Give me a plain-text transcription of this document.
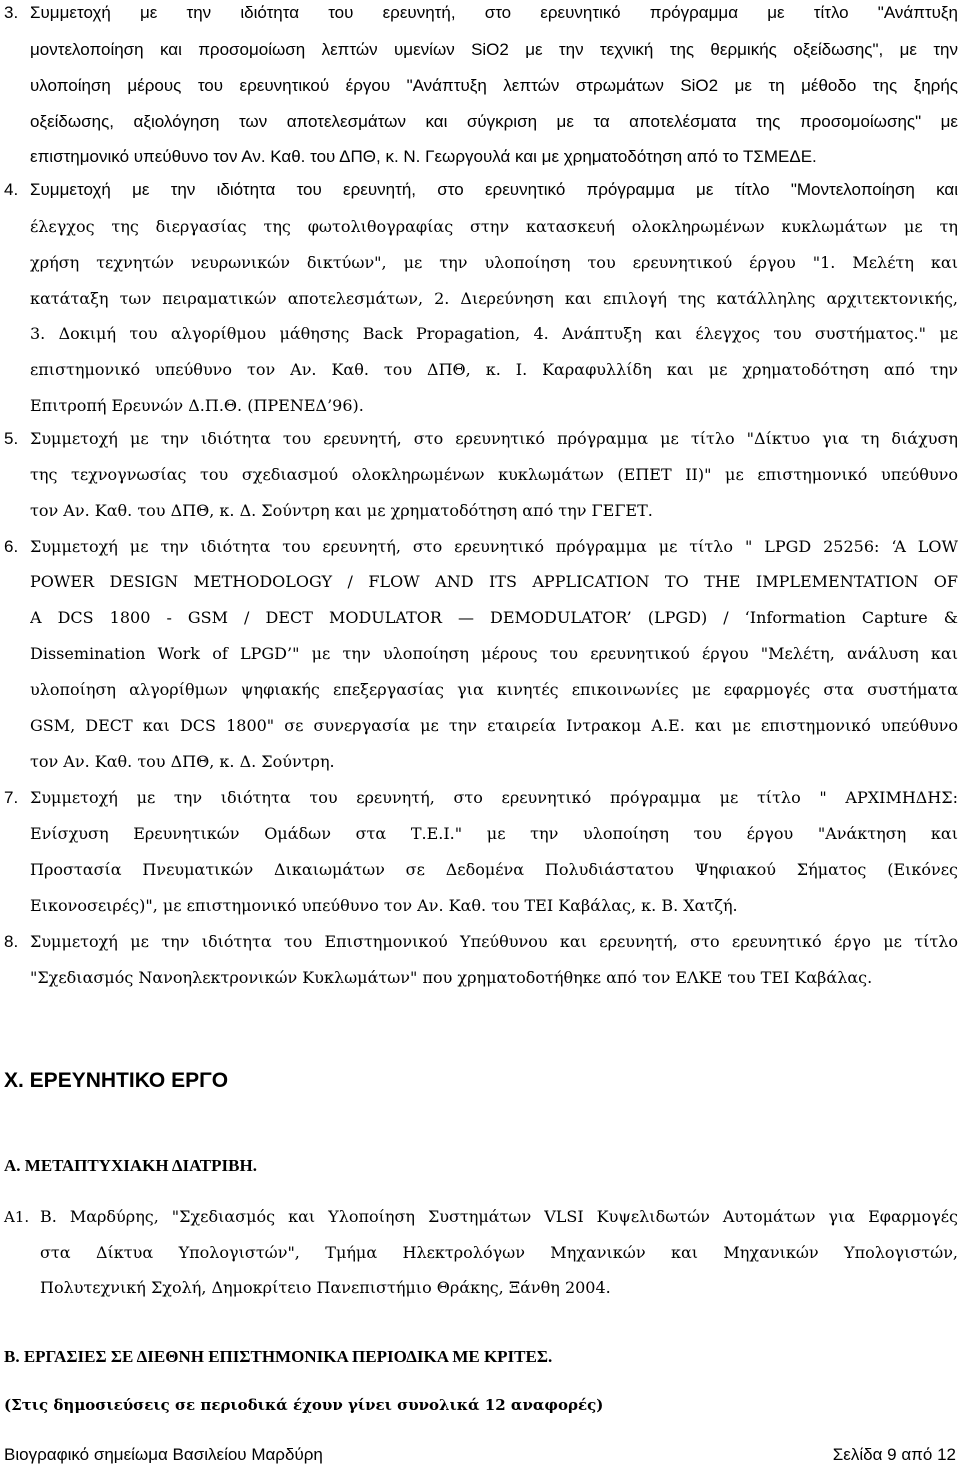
3. Συμμετοχή με την ιδιότητα του ερευνητή, στο ερευνητικό πρόγραμμα με τίτλο "Ανάπτυξη
μοντελοποίηση και προσομοίωση λεπτών υμενίων SiO2 με την τεχνική της θερμικής οξείδωσης", με την
υλοποίηση μέρους του ερευνητικού έργου "Ανάπτυξη λεπτών στρωμάτων SiO2 με τη μέθοδο της ξηρής
οξείδωσης, αξιολόγηση των αποτελεσμάτων και σύγκριση με τα αποτελέσματα της προσομοίωσης" με
επιστημονικό υπεύθυνο τον Αν. Καθ. του ΔΠΘ, κ. Ν. Γεωργουλά και με χρηματοδότηση από το ΤΣΜΕΔΕ.
4. Συμμετοχή με την ιδιότητα του ερευνητή, στο ερευνητικό πρόγραμμα με τίτλο "Μοντελοποίηση και
έλεγχος της διεργασίας της φωτολιθογραφίας στην κατασκευή ολοκληρωμένων κυκλωμάτων με τη
χρήση τεχνητών νευρωνικών δικτύων", με την υλοποίηση του ερευνητικού έργου "1. Μελέτη και
κατάταξη των πειραματικών αποτελεσμάτων, 2. Διερεύνηση και επιλογή της κατάλληλης αρχιτεκτονικής,
3. Δοκιμή του αλγορίθμου μάθησης Back Propagation, 4. Ανάπτυξη και έλεγχος του συστήματος." με
επιστημονικό υπεύθυνο τον Αν. Καθ. του ΔΠΘ, κ. Ι. Καραφυλλίδη και με χρηματοδότηση από την
Επιτροπή Ερευνών Δ.Π.Θ. (ΠΡΕΝΕΔ’96).
5. Συμμετοχή με την ιδιότητα του ερευνητή, στο ερευνητικό πρόγραμμα με τίτλο "Δίκτυο για τη διάχυση
της τεχνογνωσίας του σχεδιασμού ολοκληρωμένων κυκλωμάτων (ΕΠΕΤ ΙΙ)" με επιστημονικό υπεύθυνο
τον Αν. Καθ. του ΔΠΘ, κ. Δ. Σούντρη και με χρηματοδότηση από την ΓΕΓΕΤ.
6. Συμμετοχή με την ιδιότητα του ερευνητή, στο ερευνητικό πρόγραμμα με τίτλο " LPGD 25256: ‘A LOW
POWER DESIGN METHODOLOGY / FLOW AND ITS APPLICATION TO THE IMPLEMENTATION OF
A DCS 1800 - GSM / DECT MODULATOR — DEMODULATOR’ (LPGD) / ‘Information Capture &
Dissemination Work of LPGD’" με την υλοποίηση μέρους του ερευνητικού έργου "Μελέτη, ανάλυση και
υλοποίηση αλγορίθμων ψηφιακής επεξεργασίας για κινητές επικοινωνίες με εφαρμογές στα συστήματα
GSM, DECT και DCS 1800" σε συνεργασία με την εταιρεία Ιντρακομ Α.Ε. και με επιστημονικό υπεύθυνο
τον Αν. Καθ. του ΔΠΘ, κ. Δ. Σούντρη.
7. Συμμετοχή με την ιδιότητα του ερευνητή, στο ερευνητικό πρόγραμμα με τίτλο " ΑΡΧΙΜΗΔΗΣ:
Ενίσχυση Ερευνητικών Ομάδων στα Τ.Ε.Ι." με την υλοποίηση του έργου "Ανάκτηση και
Προστασία Πνευματικών Δικαιωμάτων σε Δεδομένα Πολυδιάστατου Ψηφιακού Σήματος (Εικόνες
Εικονοσειρές)", με επιστημονικό υπεύθυνο τον Αν. Καθ. του ΤΕΙ Καβάλας, κ. Β. Χατζή.
8. Συμμετοχή με την ιδιότητα του Επιστημονικού Υπεύθυνου και ερευνητή, στο ερευνητικό έργο με τίτλο
"Σχεδιασμός Νανοηλεκτρονικών Κυκλωμάτων" που χρηματοδοτήθηκε από τον ΕΛΚΕ του ΤΕΙ Καβάλας.
X. ΕΡΕΥΝΗΤΙΚΟ ΕΡΓΟ
Α. ΜΕΤΑΠΤΥΧΙΑΚΗ ΔΙΑΤΡΙΒΗ.
Α1. Β. Μαρδύρης, "Σχεδιασμός και Υλοποίηση Συστημάτων VLSI Κυψελιδωτών Αυτομάτων για Εφαρμογές
στα Δίκτυα Υπολογιστών", Τμήμα Ηλεκτρολόγων Μηχανικών και Μηχανικών Υπολογιστών,
Πολυτεχνική Σχολή, Δημοκρίτειο Πανεπιστήμιο Θράκης, Ξάνθη 2004.
Β. ΕΡΓΑΣΙΕΣ ΣΕ ΔΙΕΘΝΗ ΕΠΙΣΤΗΜΟΝΙΚΑ ΠΕΡΙΟΔΙΚΑ ΜΕ ΚΡΙΤΕΣ.
(Στις δημοσιεύσεις σε περιοδικά έχουν γίνει συνολικά 12 αναφορές)
Βιογραφικό σημείωμα Βασιλείου Μαρδύρη	Σελίδα 9 από 12
